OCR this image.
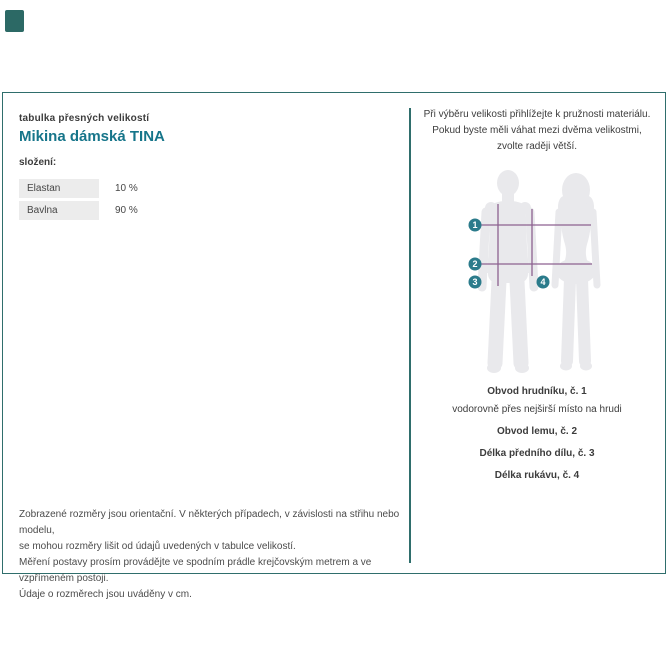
tabulka přesných velikostí
Mikina dámská TINA
složení:
Elastan	10 %
Bavlna	90 %
Zobrazené rozměry jsou orientační. V některých případech, v závislosti na střihu nebo modelu,
se mohou rozměry lišit od údajů uvedených v tabulce velikostí.
Měření postavy prosím provádějte ve spodním prádle krejčovským metrem a ve vzpřímeném postoji.
Údaje o rozměrech jsou uváděny v cm.
Při výběru velikosti přihlížejte k pružnosti materiálu.
Pokud byste měli váhat mezi dvěma velikostmi,
zvolte raději větší.
1
2
3	4
Obvod hrudníku, č. 1
vodorovně přes nejširší místo na hrudi
Obvod lemu, č. 2
Délka předního dílu, č. 3
Délka rukávu, č. 4
